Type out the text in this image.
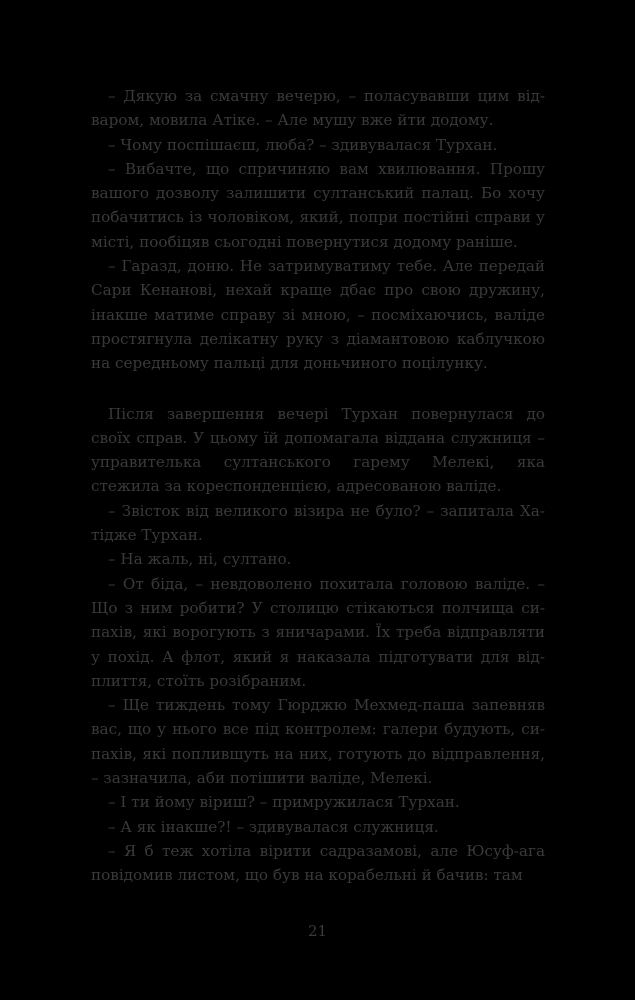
– Дякую за смачну вечерю, – поласувавши цим відваром, мовила Атіке. – Але мушу вже йти додому.

– Чому поспішаєш, люба? – здивувалася Турхан.

– Вибачте, що спричиняю вам хвилювання. Прошу вашого дозволу залишити султанський палац. Бо хочу побачитись із чоловіком, який, попри постійні справи у місті, пообіцяв сьогодні повернутися додому раніше.

– Гаразд, доню. Не затримуватиму тебе. Але передай Сари Кенанові, нехай краще дбає про свою дружину, інакше матиме справу зі мною, – посміхаючись, валіде простягнула делікатну руку з діамантовою каблучкою на середньому пальці для доньчиного поцілунку.

Після завершення вечері Турхан повернулася до своїх справ. У цьому їй допомагала віддана служниця – управителька султанського гарему Мелекі, яка стежила за кореспонденцією, адресованою валіде.

– Звісток від великого візира не було? – запитала Хатідже Турхан.

– На жаль, ні, султано.

– От біда, – невдоволено похитала головою валіде. – Що з ним робити? У столицю стікаються полчища сипахів, які ворогують з яничарами. Їх треба відправляти у похід. А флот, який я наказала підготувати для відплиття, стоїть розібраним.

– Ще тиждень тому Гюрджю Мехмед-паша запевняв вас, що у нього все під контролем: галери будують, сипахів, які поплившуть на них, готують до відправлення, – зазначила, аби потішити валіде, Мелекі.

– І ти йому віриш? – примружилася Турхан.

– А як інакше?! – здивувалася служниця.

– Я б теж хотіла вірити садразамові, але Юсуф-ага повідомив листом, що був на корабельні й бачив: там

21
